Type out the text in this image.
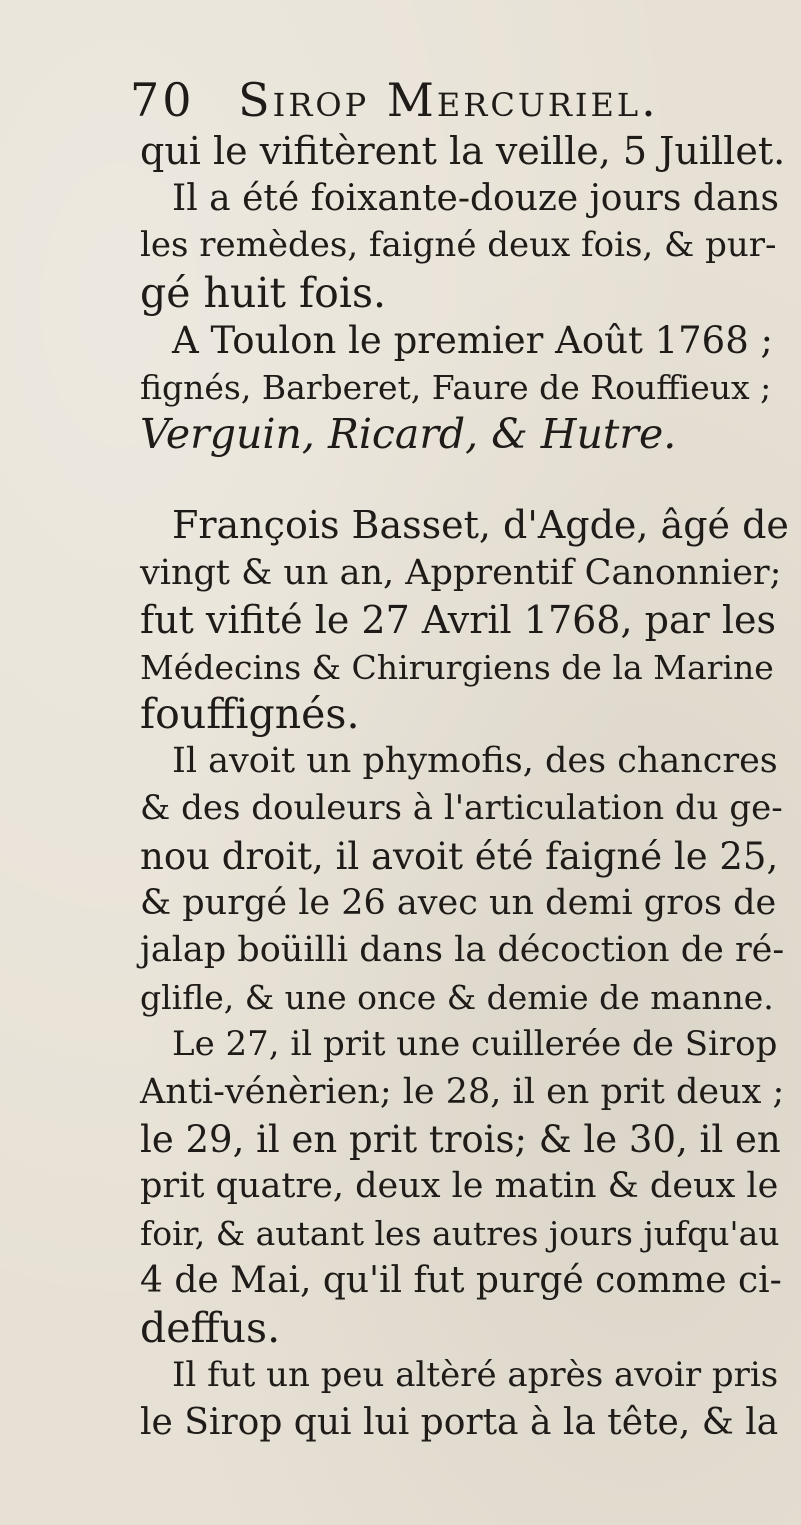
70 Sirop Mercuriel.
qui le vifitèrent la veille, 5 Juillet.
Il a été foixante-douze jours dans
les remèdes, faigné deux fois, & pur-
gé huit fois.
A Toulon le premier Août 1768 ;
fignés, Barberet, Faure de Rouffieux ;
Verguin, Ricard, & Hutre.
François Basset, d'Agde, âgé de
vingt & un an, Apprentif Canonnier;
fut vifité le 27 Avril 1768, par les
Médecins & Chirurgiens de la Marine
fouffignés.
Il avoit un phymofis, des chancres
& des douleurs à l'articulation du ge-
nou droit, il avoit été faigné le 25,
& purgé le 26 avec un demi gros de
jalap boüilli dans la décoction de ré-
glifle, & une once & demie de manne.
Le 27, il prit une cuillerée de Sirop
Anti-vénèrien; le 28, il en prit deux ;
le 29, il en prit trois; & le 30, il en
prit quatre, deux le matin & deux le
foir, & autant les autres jours jufqu'au
4 de Mai, qu'il fut purgé comme ci-
deffus.
Il fut un peu altèré après avoir pris
le Sirop qui lui porta à la tête, & la
